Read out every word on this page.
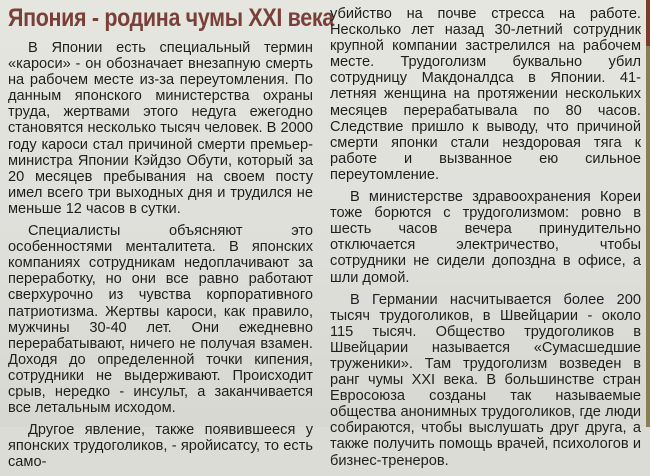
Япония - родина чумы XXI века

В Японии есть специальный термин «кароси» - он обозначает внезапную смерть на рабочем месте из-за переутомления. По данным японского министерства охраны труда, жертвами этого недуга ежегодно становятся несколько тысяч человек. В 2000 году кароси стал причиной смерти премьер-министра Японии Кэйдзо Обути, который за 20 месяцев пребывания на своем посту имел всего три выходных дня и трудился не меньше 12 часов в сутки.

Специалисты объясняют это особенностями менталитета. В японских компаниях сотрудникам недоплачивают за переработку, но они все равно работают сверхурочно из чувства корпоративного патриотизма. Жертвы кароси, как правило, мужчины 30-40 лет. Они ежедневно перерабатывают, ничего не получая взамен. Доходя до определенной точки кипения, сотрудники не выдерживают. Происходит срыв, нередко - инсульт, а заканчивается все летальным исходом.

Другое явление, также появившееся у японских трудоголиков, - яройисатсу, то есть само-

убийство на почве стресса на работе. Несколько лет назад 30-летний сотрудник крупной компании застрелился на рабочем месте. Трудоголизм буквально убил сотрудницу Макдоналдса в Японии. 41-летняя женщина на протяжении нескольких месяцев перерабатывала по 80 часов. Следствие пришло к выводу, что причиной смерти японки стали нездоровая тяга к работе и вызванное ею сильное переутомление.

В министерстве здравоохранения Кореи тоже борются с трудоголизмом: ровно в шесть часов вечера принудительно отключается электричество, чтобы сотрудники не сидели допоздна в офисе, а шли домой.

В Германии насчитывается более 200 тысяч трудоголиков, в Швейцарии - около 115 тысяч. Общество трудоголиков в Швейцарии называется «Сумасшедшие труженики». Там трудоголизм возведен в ранг чумы XXI века. В большинстве стран Евросоюза созданы так называемые общества анонимных трудоголиков, где люди собираются, чтобы выслушать друг друга, а также получить помощь врачей, психологов и бизнес-тренеров.
